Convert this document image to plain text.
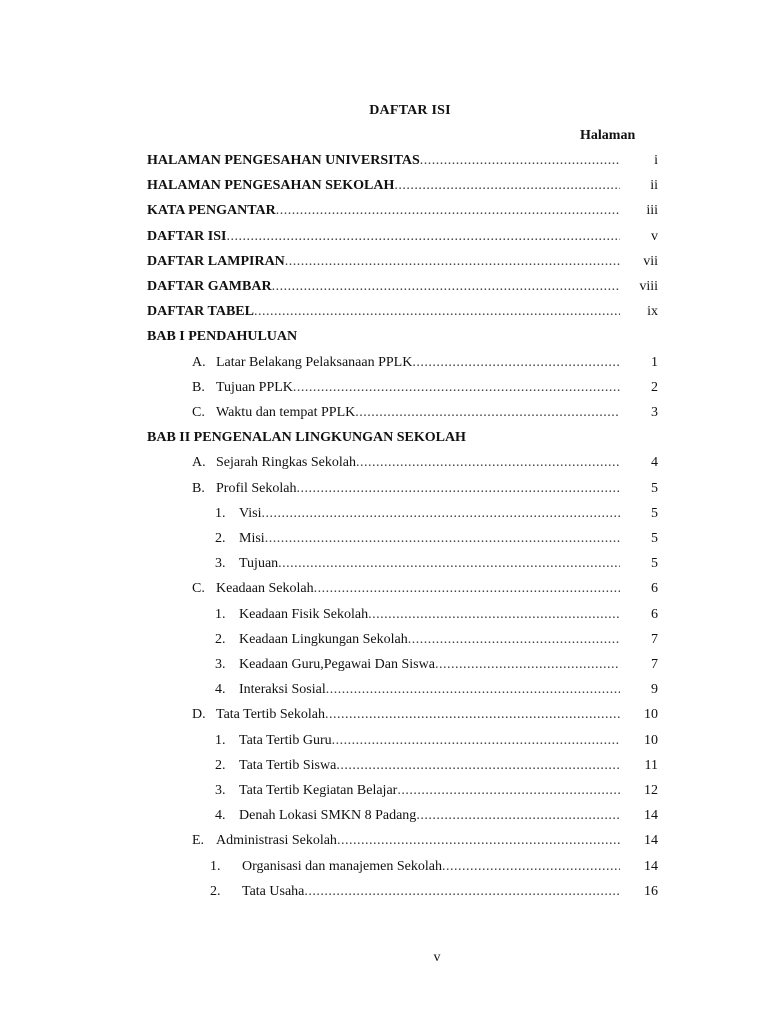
DAFTAR ISI
Halaman
HALAMAN PENGESAHAN UNIVERSITAS .....	i
HALAMAN PENGESAHAN SEKOLAH .....	ii
KATA PENGANTAR .....	iii
DAFTAR ISI .....	v
DAFTAR LAMPIRAN .....	vii
DAFTAR GAMBAR .....	viii
DAFTAR TABEL .....	ix
BAB I PENDAHULUAN
A. Latar Belakang Pelaksanaan PPLK .....	1
B. Tujuan PPLK .....	2
C. Waktu dan tempat PPLK .....	3
BAB II PENGENALAN LINGKUNGAN SEKOLAH
A. Sejarah Ringkas Sekolah .....	4
B. Profil Sekolah .....	5
1. Visi .....	5
2. Misi .....	5
3. Tujuan .....	5
C. Keadaan Sekolah .....	6
1. Keadaan Fisik Sekolah .....	6
2. Keadaan Lingkungan Sekolah .....	7
3. Keadaan Guru,Pegawai Dan Siswa .....	7
4. Interaksi Sosial .....	9
D. Tata Tertib Sekolah .....	10
1. Tata Tertib Guru .....	10
2. Tata Tertib Siswa .....	11
3. Tata Tertib Kegiatan Belajar .....	12
4. Denah Lokasi SMKN 8 Padang .....	14
E. Administrasi Sekolah .....	14
1.	Organisasi dan manajemen Sekolah .....	14
2.	Tata Usaha .....	16
v
